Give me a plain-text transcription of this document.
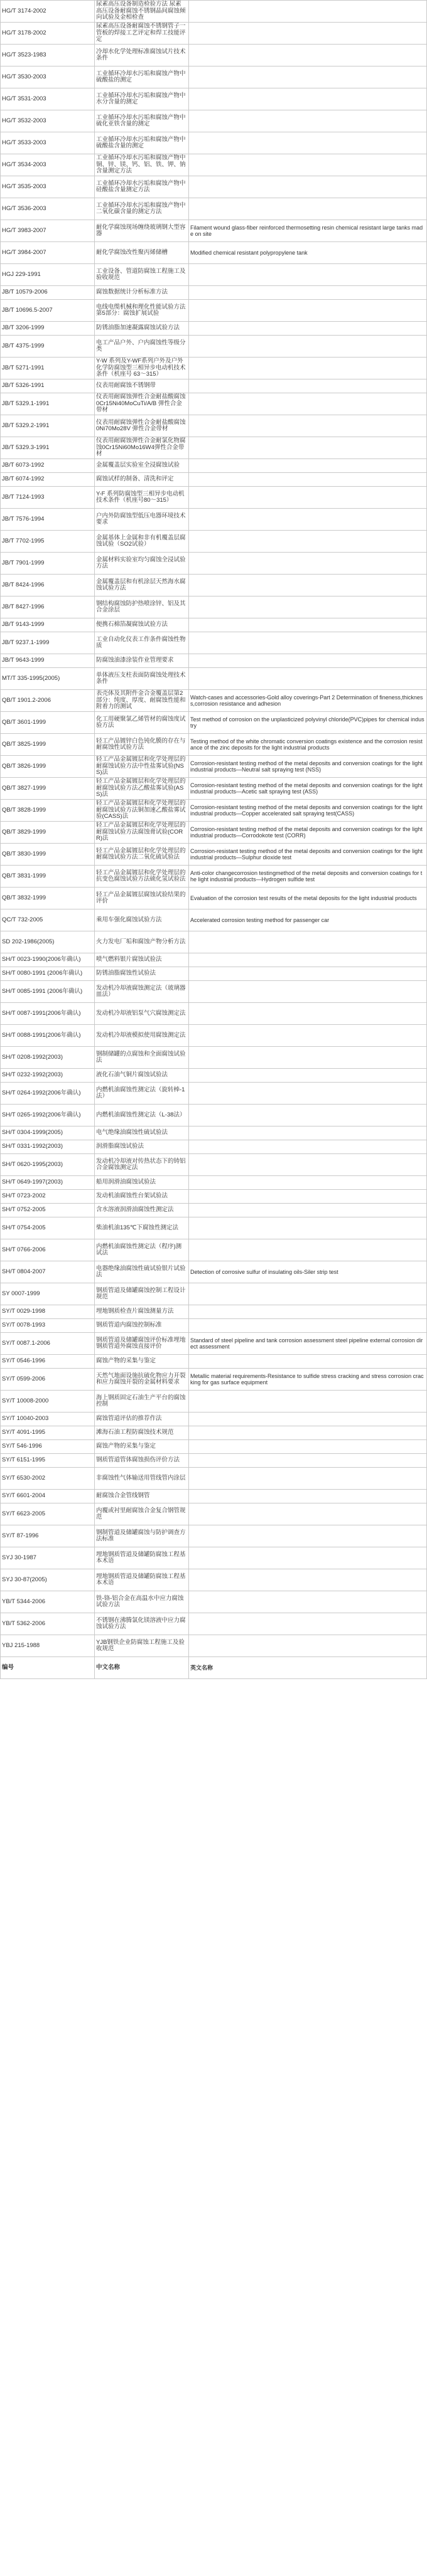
HG/T 3174-2002	尿素高压设备制造检验方法 尿素高压设备耐腐蚀不锈钢晶间腐蚀倾向试验及金相检查	
HG/T 3178-2002	尿素高压设备耐腐蚀不锈钢管子一管板的焊接工艺评定和焊工技能评定	
HG/T 3523-1983	冷却水化学处理标准腐蚀试片技术条件	
HG/T 3530-2003	工业循环冷却水污垢和腐蚀产物中硫酸盐的测定	
HG/T 3531-2003	工业循环冷却水污垢和腐蚀产物中水分含量的测定	
HG/T 3532-2003	工业循环冷却水污垢和腐蚀产物中硫化亚铁含量的测定	
HG/T 3533-2003	工业循环冷却水污垢和腐蚀产物中硫酸盐含量的测定	
HG/T 3534-2003	工业循环冷却水污垢和腐蚀产物中铜、锌、镁、钙、铝、铁、钾、钠含量测定方法	
HG/T 3535-2003	工业循环冷却水污垢和腐蚀产物中硅酸盐含量测定方法	
HG/T 3536-2003	工业循环冷却水污垢和腐蚀产物中二氧化碳含量的测定方法	
HG/T 3983-2007	耐化学腐蚀现场缠绕玻璃钢大型容器	Filament wound glass-fiber reinforced thermosetting resin chemical resistant large tanks made on site
HG/T 3984-2007	耐化学腐蚀改性聚丙烯储槽	Modified chemical resistant polypropylene tank
HGJ 229-1991	工业设备、管道防腐蚀工程施工及验收规范	
JB/T 10579-2006	腐蚀数据统计分析标准方法	
JB/T 10696.5-2007	电线电缆机械和理化性能试验方法第5部分：腐蚀扩展试验	
JB/T 3206-1999	防锈油脂加速凝露腐蚀试验方法	
JB/T 4375-1999	电工产品户外、户内腐蚀性等级分类	
JB/T 5271-1991	Y-W 系列及Y-WF系列户外及户外化学防腐蚀型三相异步电动机技术条件（机座号 63～315）	
JB/T 5326-1991	仪表用耐腐蚀不锈钢带	
JB/T 5329.1-1991	仪表用耐腐蚀弹性合金耐盐酸腐蚀0Cr15Ni40MoCuTi/A/B 弹性合金带材	
JB/T 5329.2-1991	仪表用耐腐蚀弹性合金耐盐酸腐蚀0Ni70Mo28V 弹性合金带材	
JB/T 5329.3-1991	仪表用耐腐蚀弹性合金耐氯化物腐蚀0Cr15Ni60Mo16W4弹性合金带材	
JB/T 6073-1992	金属覆盖层实验室全浸腐蚀试验	
JB/T 6074-1992	腐蚀试样的制备、清洗和评定	
JB/T 7124-1993	Y-F 系列防腐蚀型三相异步电动机技术条件（机座号80～315）	
JB/T 7576-1994	户内外防腐蚀型低压电器环境技术要求	
JB/T 7702-1995	金属基体上金属和非有机覆盖层腐蚀试验（SO2试验）	
JB/T 7901-1999	金属材料实验室均匀腐蚀全浸试验方法	
JB/T 8424-1996	金属覆盖层和有机涂层天然海水腐蚀试验方法	
JB/T 8427-1996	钢结构腐蚀防护热喷涂锌、铝及其合金涂层	
JB/T 9143-1999	便携石棉箔凝腐蚀试验方法	
JB/T 9237.1-1999	工业自动化仪表工作条件腐蚀性物质	
JB/T 9643-1999	防腐蚀油漆涂装作业管理要求	
MT/T 335-1995(2005)	单体液压支柱表面防腐蚀处理技术条件	
QB/T 1901.2-2006	表壳体及其附件金合金覆盖层第2部分：纯度、厚度、耐腐蚀性能和附着力的测试	Watch-cases and accessories-Gold alloy coverings-Part 2 Determination of fineness,thickness,corrosion resistance and adhesion
QB/T 3601-1999	化工用硬聚氯乙烯管材的腐蚀度试验方法	Test method of corrosion on the unplasticized polyvinyl chloride(PVC)pipes for chemical industry
QB/T 3825-1999	轻工产品镀锌白色钝化膜的存在与耐腐蚀性试验方法	Testing method of the white chromatic conversion coatings existence and the corrosion resistance of the zinc deposits for the light industrial products
QB/T 3826-1999	轻工产品金属镀层和化学处理层的耐腐蚀试验方法中性盐雾试验(NSS)法	Corrosion-resistant testing method of the metal deposits and conversion coatings for the light industrial products—Neutral salt spraying test (NSS)
QB/T 3827-1999	轻工产品金属镀层和化学处理层的耐腐蚀试验方法乙酸盐雾试验(ASS)法	Corrosion-resistant testing method of the metal deposits and conversion coatings for the light industrial products—Acetic salt spraying test (ASS)
QB/T 3828-1999	轻工产品金属镀层和化学处理层的耐腐蚀试验方法铜加速乙酸盐雾试验(CASS)法	Corrosion-resistant testing method of the metal deposits and conversion coatings for the light industrial products—Copper accelerated salt spraying test(CASS)
QB/T 3829-1999	轻工产品金属镀层和化学处理层的耐腐蚀试验方法腐蚀膏试验(CORR)法	Corrosion-resistant testing method of the metal deposits and conversion coatings for the light industrial products—Corrodokote test (CORR)
QB/T 3830-1999	轻工产品金属镀层和化学处理层的耐腐蚀试验方法二氧化硫试验法	Corrosion-resistant testing method of the metal deposits and conversion coatings for the light industrial products—Sulphur dioxide test
QB/T 3831-1999	轻工产品金属镀层和化学处理层的抗变色腐蚀试验方法硫化氢试验法	Anti-color changecorrosion testingmethod of the metal deposits and conversion coatings for the light industrial products—Hydrogen sulfide test
QB/T 3832-1999	轻工产品金属镀层腐蚀试验结果的评价	Evaluation of the corrosion test results of the metal deposits for the light industrial products
QC/T 732-2005	乘用车强化腐蚀试验方法	Accelerated corrosion testing method for passenger car
SD 202-1986(2005)	火力发电厂垢和腐蚀产物分析方法	
SH/T 0023-1990(2006年确认)	喷气燃料银片腐蚀试验法	
SH/T 0080-1991 (2006年确认)	防锈油脂腐蚀性试验法	
SH/T 0085-1991 (2006年确认)	发动机冷却液腐蚀测定法（玻璃器皿法）	
SH/T 0087-1991(2006年确认)	发动机冷却液铝泵气穴腐蚀测定法	
SH/T 0088-1991(2006年确认)	发动机冷却液模拟使用腐蚀测定法	
SH/T 0208-1992(2003)	钢制储罐的点腐蚀和全面腐蚀试验法	
SH/T 0232-1992(2003)	液化石油气铜片腐蚀试验法	
SH/T 0264-1992(2006年确认)	内燃机油腐蚀性测定法（旋转棒-1法）	
SH/T 0265-1992(2006年确认)	内燃机油腐蚀性测定法（L-38法）	
SH/T 0304-1999(2005)	电气绝缘油腐蚀性硫试验法	
SH/T 0331-1992(2003)	润滑脂腐蚀试验法	
SH/T 0620-1995(2003)	发动机冷却液对传热状态下的铸铝合金腐蚀测定法	
SH/T 0649-1997(2003)	船用润滑油腐蚀试验法	
SH/T 0723-2002	发动机油腐蚀性台架试验法	
SH/T 0752-2005	含水溶液润滑油腐蚀性测定法	
SH/T 0754-2005	柴油机油135℃下腐蚀性测定法	
SH/T 0766-2006	内燃机油腐蚀性测定法（程序)测试法	
SH/T 0804-2007	电器绝缘油腐蚀性硫试验银片试验法	Detection of corrosive sulfur of insulating oils-Siler strip test
SY 0007-1999	钢质管道及储罐腐蚀控制工程设计规范	
SY/T 0029-1998	埋地钢质检查片腐蚀测量方法	
SY/T 0078-1993	钢质管道内腐蚀控制标准	
SY/T 0087.1-2006	钢质管道及储罐腐蚀评价标准埋地钢质管道外腐蚀直接评价	Standard of steel pipeline and tank corrosion assessment steel pipeline external corrosion direct assessment
SY/T 0546-1996	腐蚀产物的采集与鉴定	
SY/T 0599-2006	天然气地面设施抗硫化物应力开裂和应力腐蚀开裂的金属材料要求	Metallic material requirements-Resistance to sulfide stress cracking and stress corrosion cracking for gas surface equipment
SY/T 10008-2000	海上钢质固定石油生产平台的腐蚀控制	
SY/T 10040-2003	腐蚀管道评估的推荐作法	
SY/T 4091-1995	滩海石油工程防腐蚀技术规范	
SY/T 546-1996	腐蚀产物的采集与鉴定	
SY/T 6151-1995	钢质管道管体腐蚀损伤评价方法	
SY/T 6530-2002	非腐蚀性气体输送用管线管内涂层	
SY/T 6601-2004	耐腐蚀合金管线钢管	
SY/T 6623-2005	内覆或衬里耐腐蚀合金复合钢管规范	
SY/T 87-1996	钢制管道及储罐腐蚀与防护调查方法标准	
SYJ 30-1987	埋地钢质管道及储罐防腐蚀工程基本术语	
SYJ 30-87(2005)	埋地钢质管道及储罐防腐蚀工程基本术语	
YB/T 5344-2006	铁-铬-铝合金在高温水中应力腐蚀试验方法	
YB/T 5362-2006	不锈钢在沸腾氯化镁溶液中应力腐蚀试验方法	
YBJ 215-1988	YJB钢铁企业防腐蚀工程施工及验收规范	
编号	中文名称	英文名称
